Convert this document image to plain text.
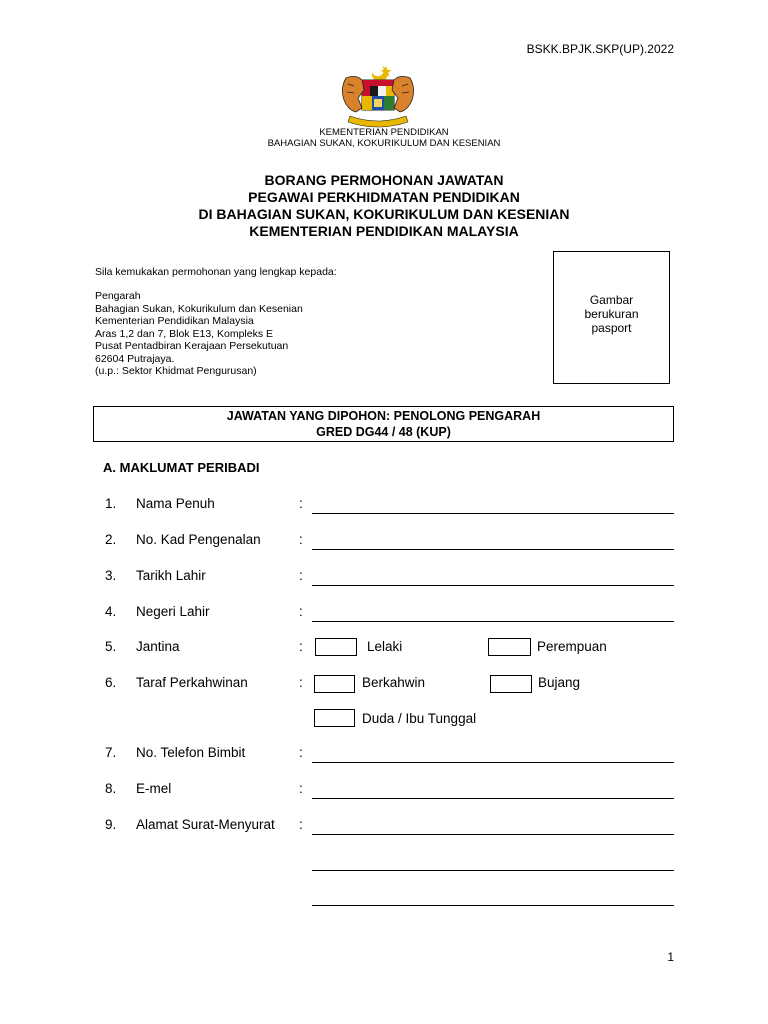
BSKK.BPJK.SKP(UP).2022
KEMENTERIAN PENDIDIKAN
BAHAGIAN SUKAN, KOKURIKULUM DAN KESENIAN
BORANG PERMOHONAN JAWATAN
PEGAWAI PERKHIDMATAN PENDIDIKAN
DI BAHAGIAN SUKAN, KOKURIKULUM DAN KESENIAN
KEMENTERIAN PENDIDIKAN MALAYSIA
Sila kemukakan permohonan yang lengkap kepada:
Pengarah
Bahagian Sukan, Kokurikulum dan Kesenian
Kementerian Pendidikan Malaysia
Aras 1,2 dan 7, Blok E13, Kompleks E
Pusat Pentadbiran Kerajaan Persekutuan
62604 Putrajaya.
(u.p.: Sektor Khidmat Pengurusan)
Gambar
berukuran
pasport
JAWATAN YANG DIPOHON: PENOLONG PENGARAH
GRED DG44 / 48 (KUP)
A. MAKLUMAT PERIBADI
1. Nama Penuh	:
2. No. Kad Pengenalan	:
3. Tarikh Lahir	:
4. Negeri Lahir	:
5. Jantina	:	Lelaki	Perempuan
6. Taraf Perkahwinan	:	Berkahwin	Bujang
Duda / Ibu Tunggal
7. No. Telefon Bimbit	:
8. E-mel	:
9. Alamat Surat-Menyurat :
1
